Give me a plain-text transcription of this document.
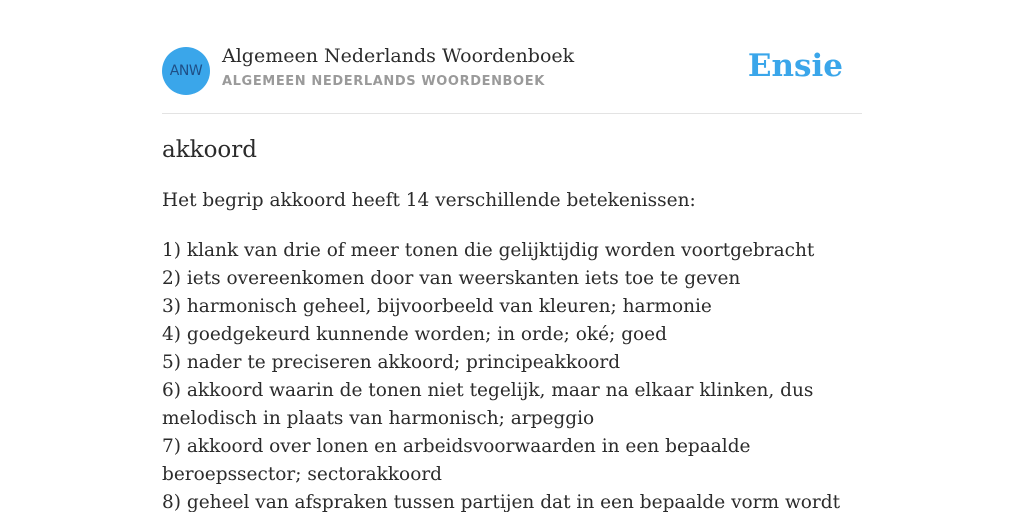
ANW
Algemeen Nederlands Woordenboek
ALGEMEEN NEDERLANDS WOORDENBOEK	Ensie
akkoord

Het begrip akkoord heeft 14 verschillende betekenissen:

1) klank van drie of meer tonen die gelijktijdig worden voortgebracht
2) iets overeenkomen door van weerskanten iets toe te geven
3) harmonisch geheel, bijvoorbeeld van kleuren; harmonie
4) goedgekeurd kunnende worden; in orde; oké; goed
5) nader te preciseren akkoord; principeakkoord
6) akkoord waarin de tonen niet tegelijk, maar na elkaar klinken, dus melodisch in plaats van harmonisch; arpeggio
7) akkoord over lonen en arbeidsvoorwaarden in een bepaalde beroepssector; sectorakkoord
8) geheel van afspraken tussen partijen dat in een bepaalde vorm wordt
